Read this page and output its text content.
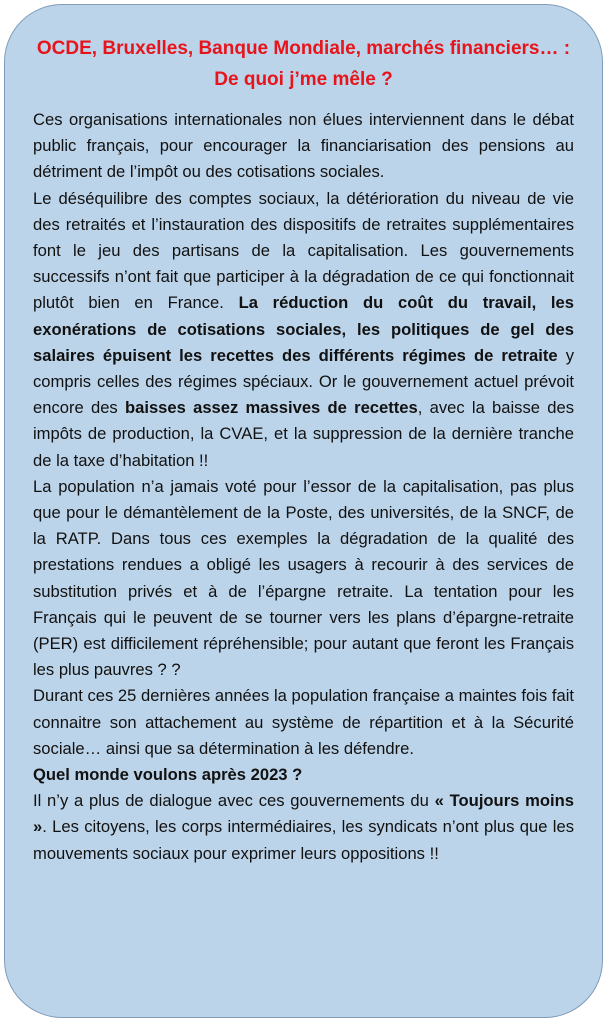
OCDE, Bruxelles, Banque Mondiale, marchés financiers… :
De quoi j’me mêle ?

Ces organisations internationales non élues interviennent dans le débat public français, pour encourager la financiarisation des pensions au détriment de l’impôt ou des cotisations sociales.

Le déséquilibre des comptes sociaux, la détérioration du niveau de vie des retraités et l’instauration des dispositifs de retraites supplémentaires font le jeu des partisans de la capitalisation. Les gouvernements successifs n’ont fait que participer à la dégradation de ce qui fonctionnait plutôt bien en France. La réduction du coût du travail, les exonérations de cotisations sociales, les politiques de gel des salaires épuisent les recettes des différents régimes de retraite y compris celles des régimes spéciaux. Or le gouvernement actuel prévoit encore des baisses assez massives de recettes, avec la baisse des impôts de production, la CVAE, et la suppression de la dernière tranche de la taxe d’habitation !!

La population n’a jamais voté pour l’essor de la capitalisation, pas plus que pour le démantèlement de la Poste, des universités, de la SNCF, de la RATP. Dans tous ces exemples la dégradation de la qualité des prestations rendues a obligé les usagers à recourir à des services de substitution privés et à de l’épargne retraite. La tentation pour les Français qui le peuvent de se tourner vers les plans d’épargne-retraite (PER) est difficilement répréhensible; pour autant que feront les Français les plus pauvres ? ?

Durant ces 25 dernières années la population française a maintes fois fait connaitre son attachement au système de répartition et à la Sécurité sociale… ainsi que sa détermination à les défendre.

Quel monde voulons après 2023 ?

Il n’y a plus de dialogue avec ces gouvernements du « Toujours moins ». Les citoyens, les corps intermédiaires, les syndicats n’ont plus que les mouvements sociaux pour exprimer leurs oppositions !!
